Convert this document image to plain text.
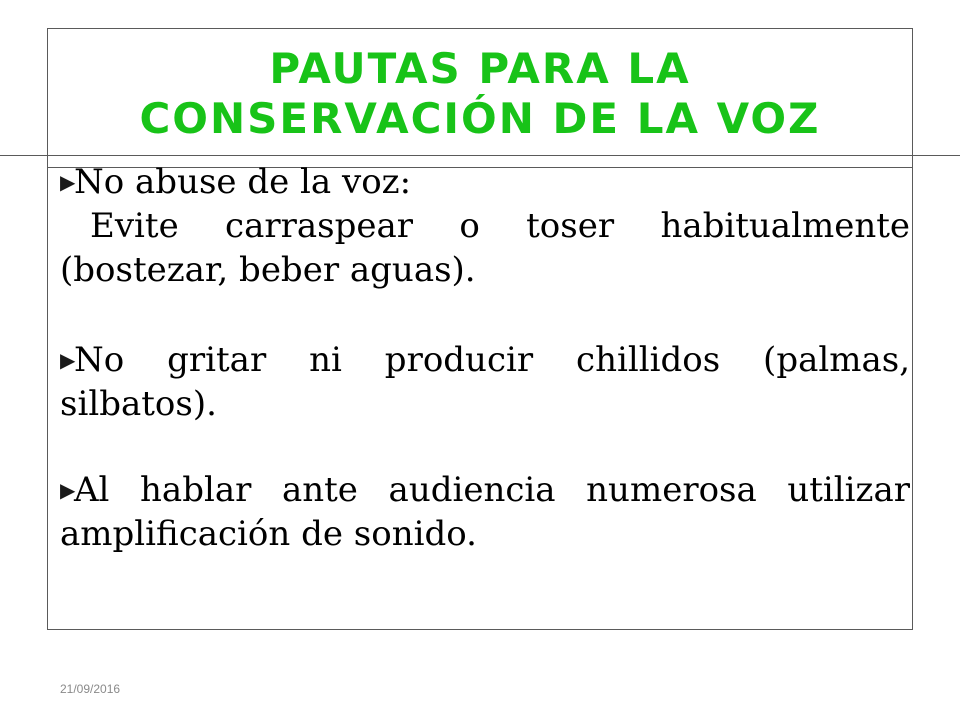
PAUTAS PARA LA
CONSERVACIÓN DE LA VOZ

▶No abuse de la voz:

Evite carraspear o toser habitualmente (bostezar, beber aguas).

▶No gritar ni producir chillidos (palmas, silbatos).

▶Al hablar ante audiencia numerosa utilizar amplificación de sonido.

21/09/2016
